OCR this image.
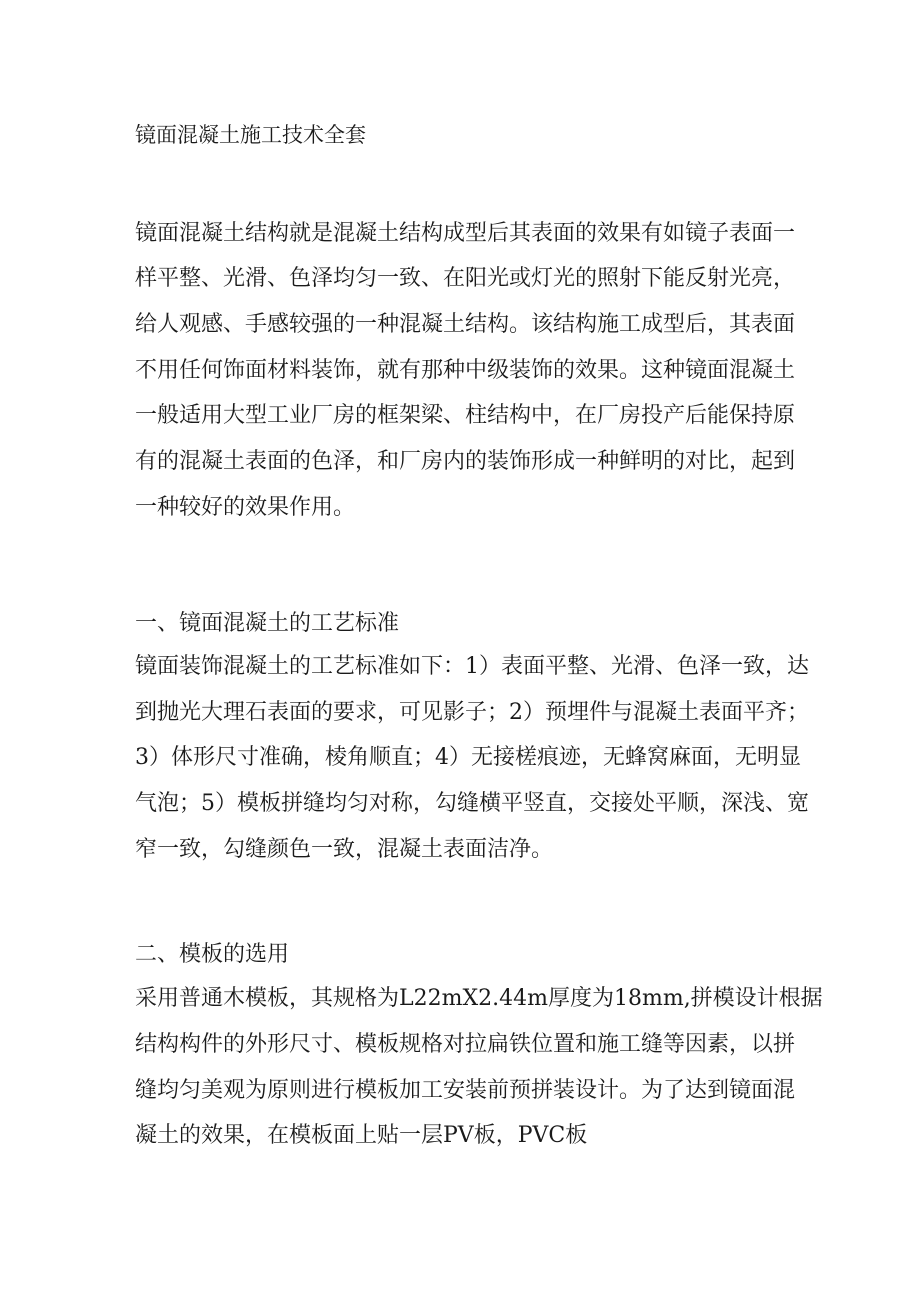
镜面混凝土施工技术全套
镜面混凝土结构就是混凝土结构成型后其表面的效果有如镜子表面一
样平整、光滑、色泽均匀一致、在阳光或灯光的照射下能反射光亮，
给人观感、手感较强的一种混凝土结构。该结构施工成型后，其表面
不用任何饰面材料装饰，就有那种中级装饰的效果。这种镜面混凝土
一般适用大型工业厂房的框架梁、柱结构中，在厂房投产后能保持原
有的混凝土表面的色泽，和厂房内的装饰形成一种鲜明的对比，起到
一种较好的效果作用。
一、镜面混凝土的工艺标准
镜面装饰混凝土的工艺标准如下：1）表面平整、光滑、色泽一致，达
到抛光大理石表面的要求，可见影子；2）预埋件与混凝土表面平齐；
3）体形尺寸准确，棱角顺直；4）无接槎痕迹，无蜂窝麻面，无明显
气泡；5）模板拼缝均匀对称，勾缝横平竖直，交接处平顺，深浅、宽
窄一致，勾缝颜色一致，混凝土表面洁净。
二、模板的选用
采用普通木模板，其规格为L22mX2.44m厚度为18mm,拼模设计根据
结构构件的外形尺寸、模板规格对拉扁铁位置和施工缝等因素，以拼
缝均匀美观为原则进行模板加工安装前预拼装设计。为了达到镜面混
凝土的效果，在模板面上贴一层PV板，PVC板
